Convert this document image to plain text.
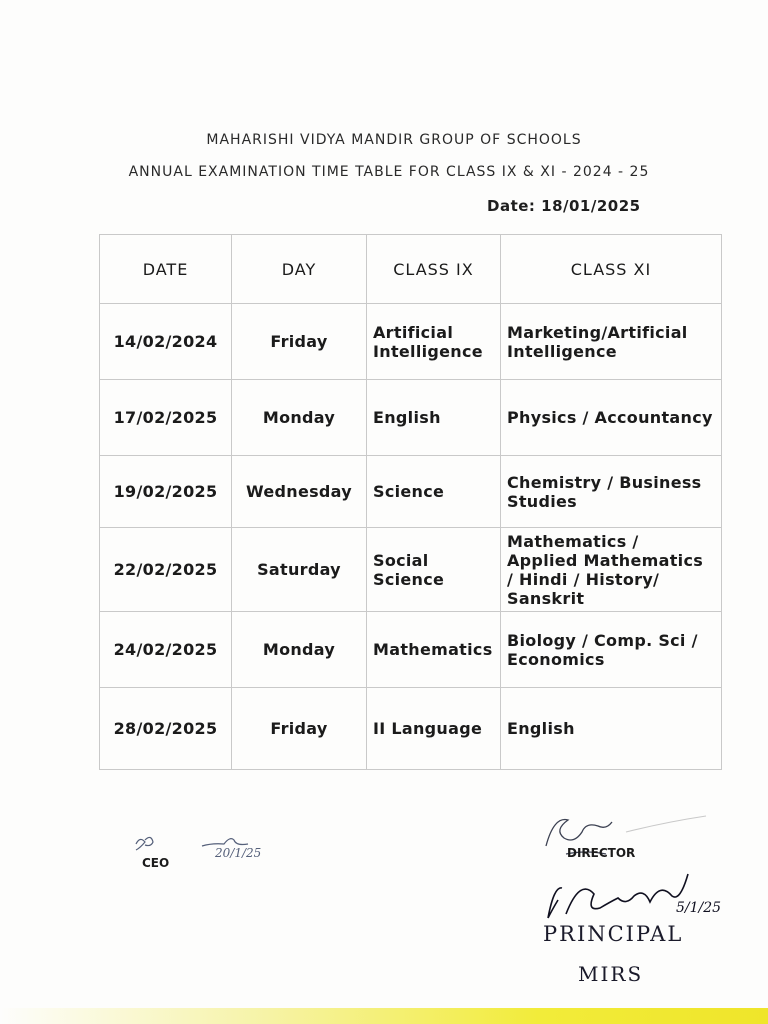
MAHARISHI VIDYA MANDIR GROUP OF SCHOOLS
ANNUAL EXAMINATION TIME TABLE FOR CLASS IX & XI - 2024 - 25
Date: 18/01/2025
DATE	DAY	CLASS IX	CLASS XI
14/02/2024	Friday	Artificial Intelligence	Marketing/Artificial Intelligence
17/02/2025	Monday	English	Physics / Accountancy
19/02/2025	Wednesday	Science	Chemistry / Business Studies
22/02/2025	Saturday	Social Science	Mathematics / Applied Mathematics / Hindi / History/ Sanskrit
24/02/2025	Monday	Mathematics	Biology / Comp. Sci / Economics
28/02/2025	Friday	II Language	English
20/1/25
CEO
DIRECTOR
5/1/25
PRINCIPAL
MIRS
